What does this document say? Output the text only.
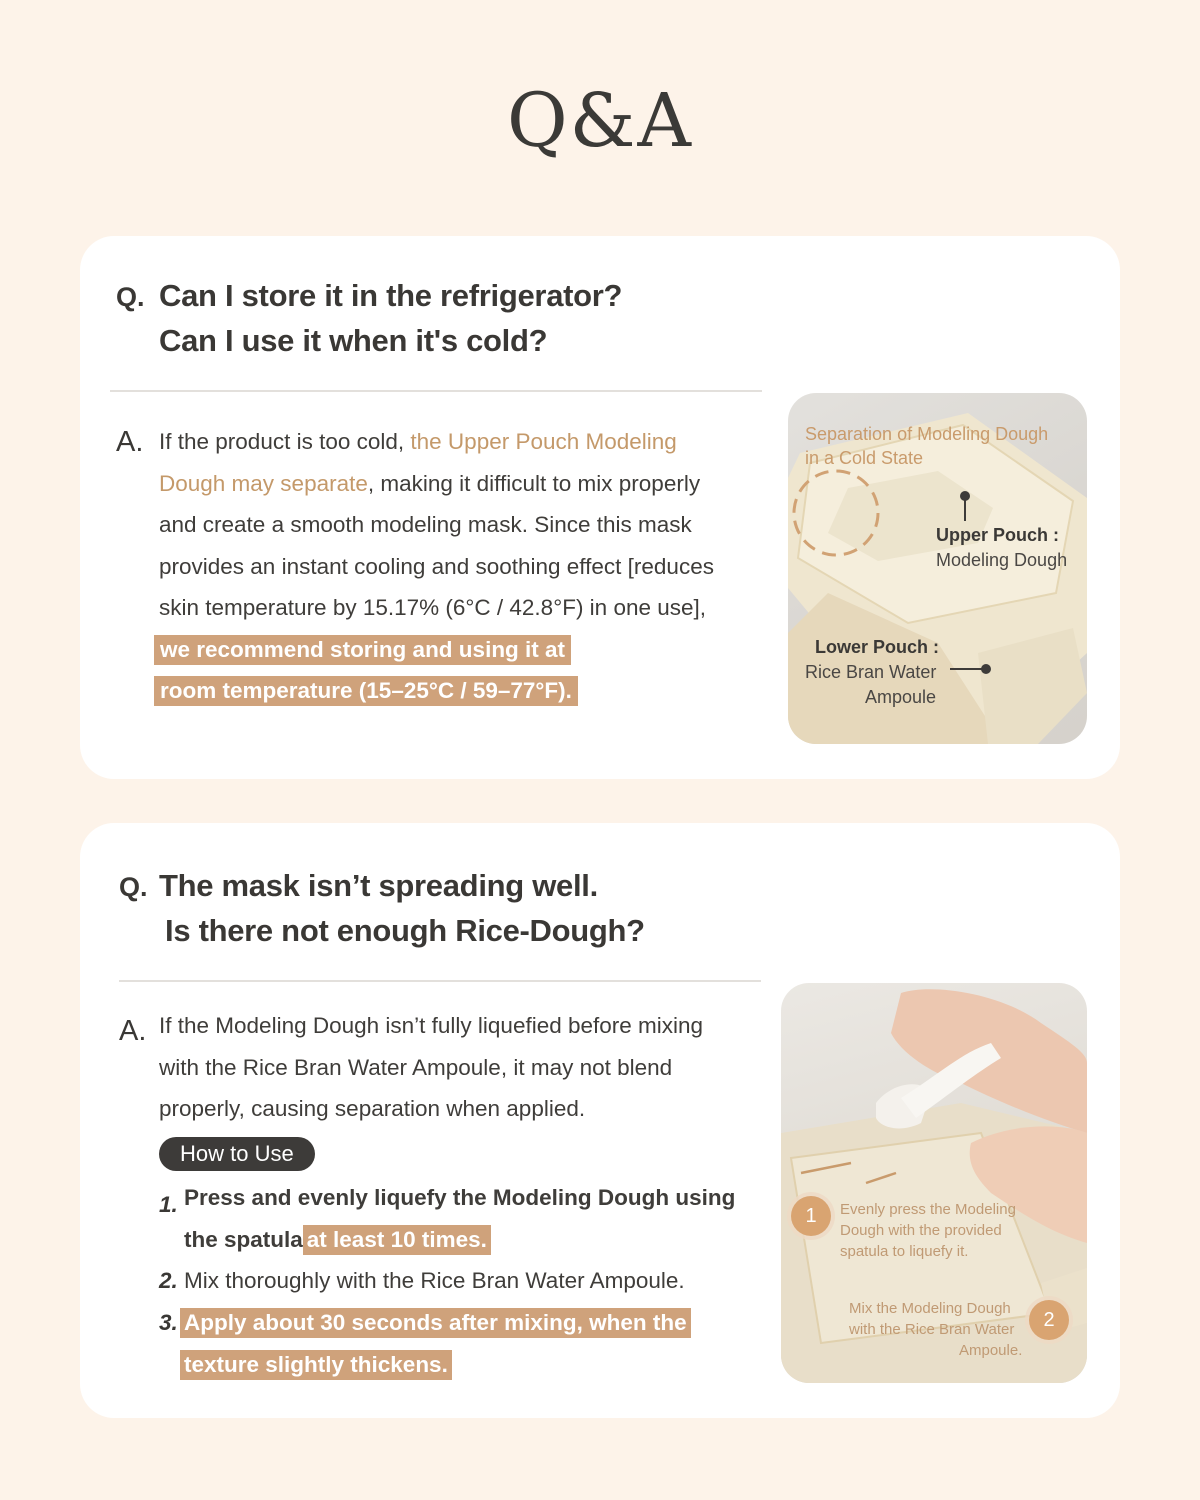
Q&A
Q. Can I store it in the refrigerator?
Can I use it when it's cold?
A. If the product is too cold, the Upper Pouch Modeling
Dough may separate, making it difficult to mix properly
and create a smooth modeling mask. Since this mask
provides an instant cooling and soothing effect [reduces
skin temperature by 15.17% (6°C / 42.8°F) in one use],
we recommend storing and using it at
room temperature (15–25°C / 59–77°F).
Separation of Modeling Dough
in a Cold State
Upper Pouch :
Modeling Dough
Lower Pouch :
Rice Bran Water
Ampoule
Q. The mask isn’t spreading well.
Is there not enough Rice-Dough?
A. If the Modeling Dough isn’t fully liquefied before mixing
with the Rice Bran Water Ampoule, it may not blend
properly, causing separation when applied.
How to Use
1. Press and evenly liquefy the Modeling Dough using
the spatula at least 10 times.
2. Mix thoroughly with the Rice Bran Water Ampoule.
3. Apply about 30 seconds after mixing, when the
texture slightly thickens.
1	Evenly press the Modeling
Dough with the provided
spatula to liquefy it.
Mix the Modeling Dough
with the Rice Bran Water
Ampoule.
2
